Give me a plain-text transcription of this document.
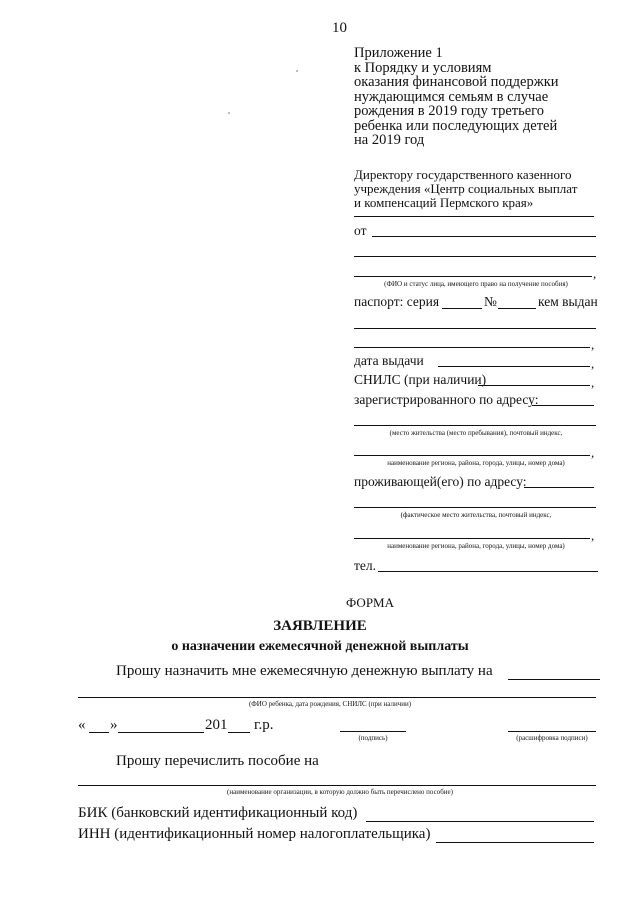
10
Приложение 1
к Порядку и условиям
оказания финансовой поддержки
нуждающимся семьям в случае
рождения в 2019 году третьего
ребенка или последующих детей
на 2019 год
Директору государственного казенного
учреждения «Центр социальных выплат
и компенсаций Пермского края»
от
,
(ФИО и статус лица, имеющего право на получение пособия)
паспорт: серия	№	кем выдан
,
дата выдачи	,
СНИЛС (при наличии)	,
зарегистрированного по адресу:
(место жительства (место пребывания), почтовый индекс,
,
наименование региона, района, города, улицы, номер дома)
проживающей(его) по адресу:
(фактическое место жительства, почтовый индекс,
,
наименование региона, района, города, улицы, номер дома)
тел.
ФОРМА
ЗАЯВЛЕНИЕ
о назначении ежемесячной денежной выплаты
Прошу назначить мне ежемесячную денежную выплату на
(ФИО ребенка, дата рождения, СНИЛС (при наличии)
« »	201 г.р.
(подпись)	(расшифровка подписи)
Прошу перечислить пособие на
(наименование организации, в которую должно быть перечислено пособие)
БИК (банковский идентификационный код)
ИНН (идентификационный номер налогоплательщика)
